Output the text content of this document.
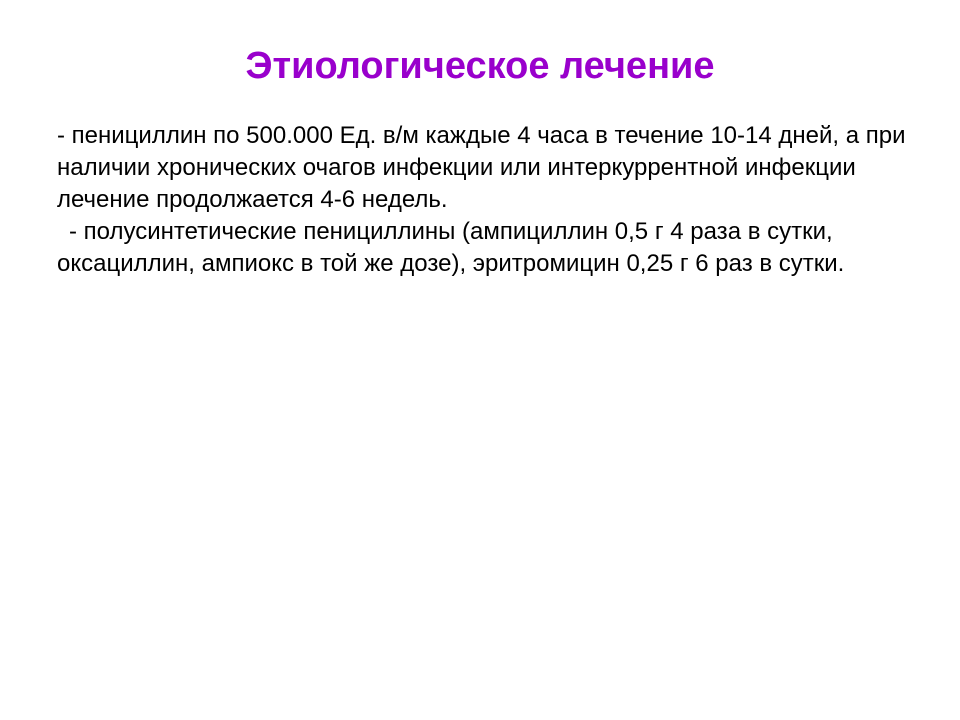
Этиологическое лечение

- пенициллин по 500.000 Ед. в/м каждые 4 часа в течение 10-14 дней, а при наличии хронических очагов инфекции или интеркуррентной инфекции лечение продолжается 4-6 недель.

- полусинтетические пенициллины (ампициллин 0,5 г 4 раза в сутки, оксациллин, ампиокс в той же дозе), эритромицин 0,25 г 6 раз в сутки.
